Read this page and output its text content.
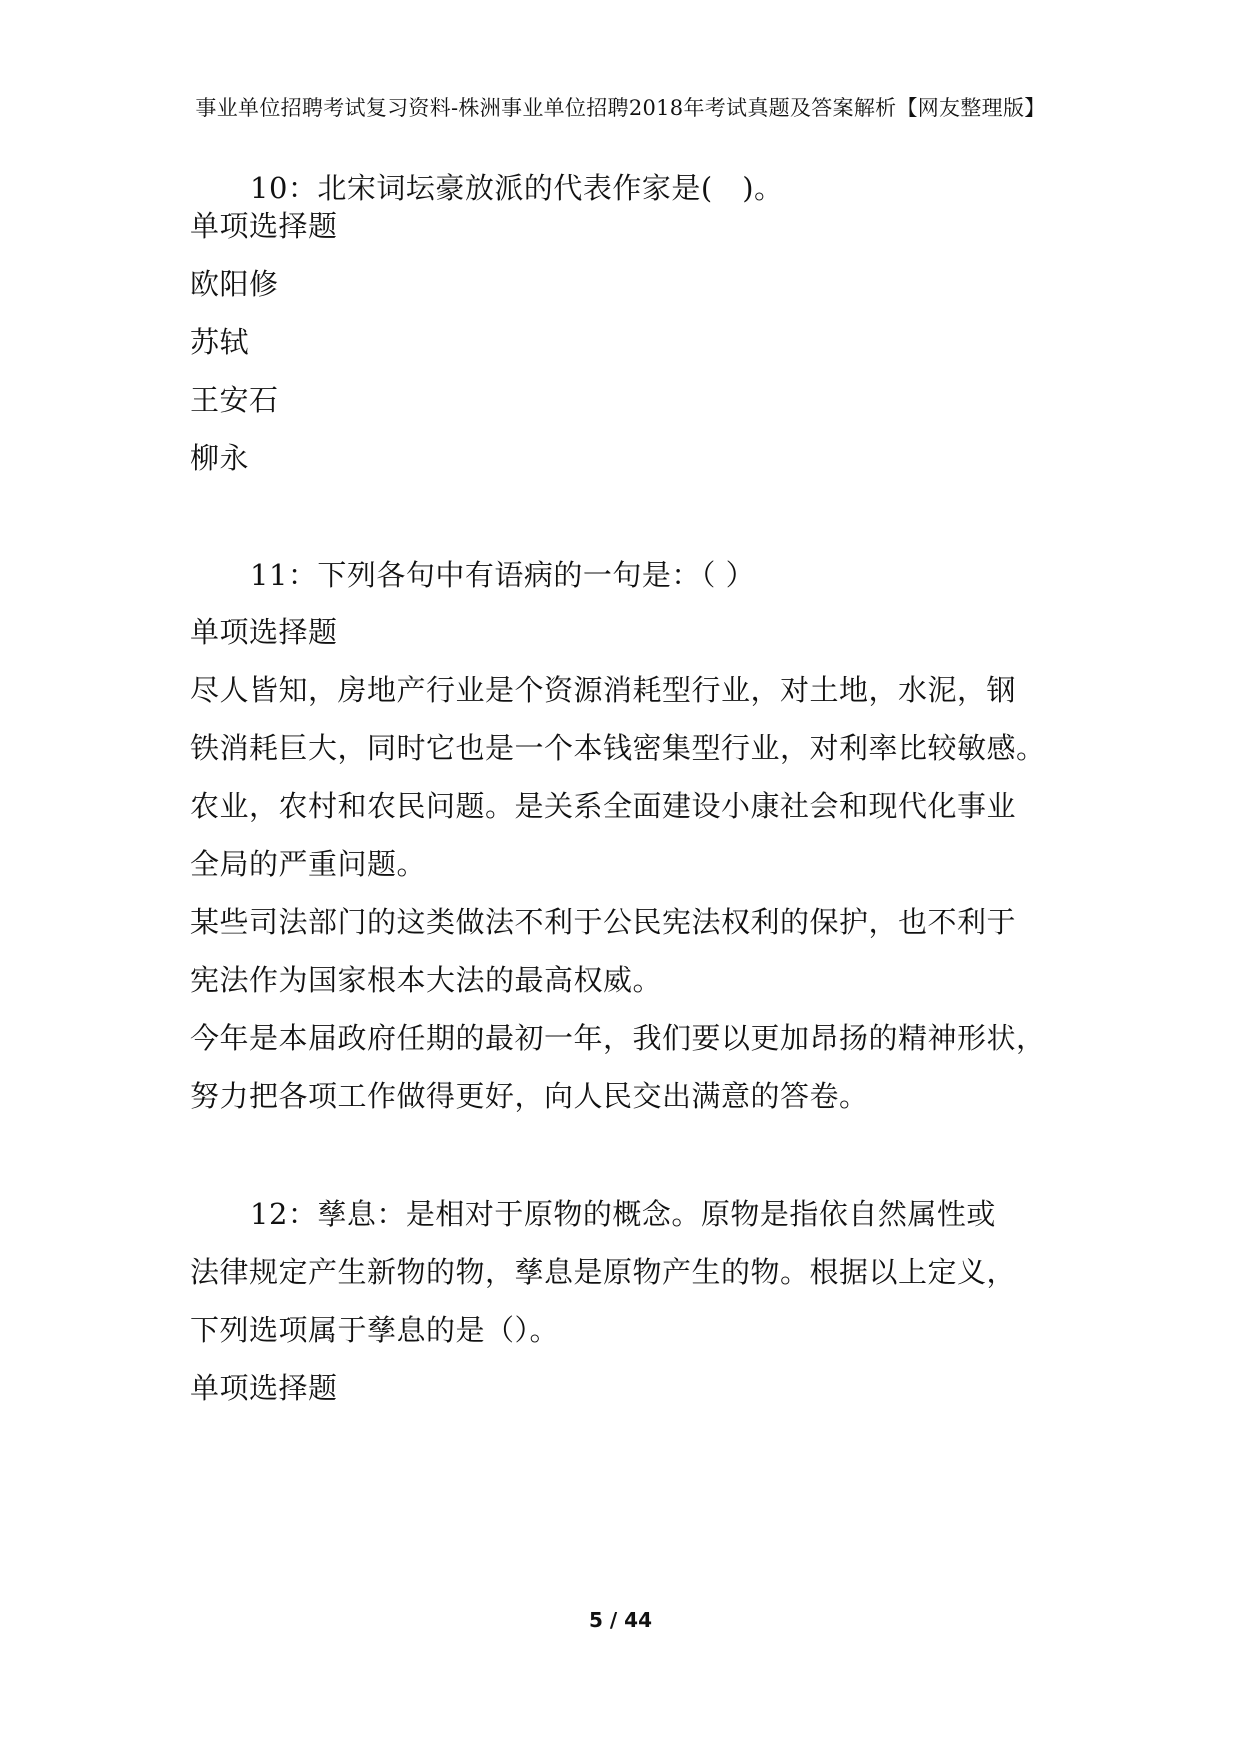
事业单位招聘考试复习资料-株洲事业单位招聘2018年考试真题及答案解析【网友整理版】
10：北宋词坛豪放派的代表作家是(　)。
单项选择题
欧阳修
苏轼
王安石
柳永
11：下列各句中有语病的一句是：（ ）
单项选择题
尽人皆知，房地产行业是个资源消耗型行业，对土地，水泥，钢
铁消耗巨大，同时它也是一个本钱密集型行业，对利率比较敏感。
农业，农村和农民问题。是关系全面建设小康社会和现代化事业
全局的严重问题。
某些司法部门的这类做法不利于公民宪法权利的保护，也不利于
宪法作为国家根本大法的最高权威。
今年是本届政府任期的最初一年，我们要以更加昂扬的精神形状，
努力把各项工作做得更好，向人民交出满意的答卷。
12：孳息：是相对于原物的概念。原物是指依自然属性或
法律规定产生新物的物，孳息是原物产生的物。根据以上定义，
下列选项属于孳息的是（）。
单项选择题
5 / 44
